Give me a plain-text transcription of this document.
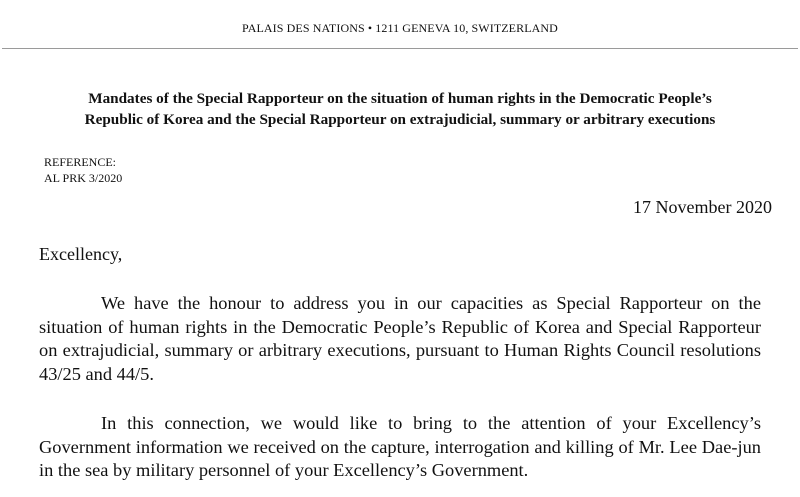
PALAIS DES NATIONS • 1211 GENEVA 10, SWITZERLAND
Mandates of the Special Rapporteur on the situation of human rights in the Democratic People’s
Republic of Korea and the Special Rapporteur on extrajudicial, summary or arbitrary executions
REFERENCE:
AL PRK 3/2020
17 November 2020
Excellency,

We have the honour to address you in our capacities as Special Rapporteur on the situation of human rights in the Democratic People’s Republic of Korea and Special Rapporteur on extrajudicial, summary or arbitrary executions, pursuant to Human Rights Council resolutions 43/25 and 44/5.

In this connection, we would like to bring to the attention of your Excellency’s Government information we received on the capture, interrogation and killing of Mr. Lee Dae-jun in the sea by military personnel of your Excellency’s Government.
